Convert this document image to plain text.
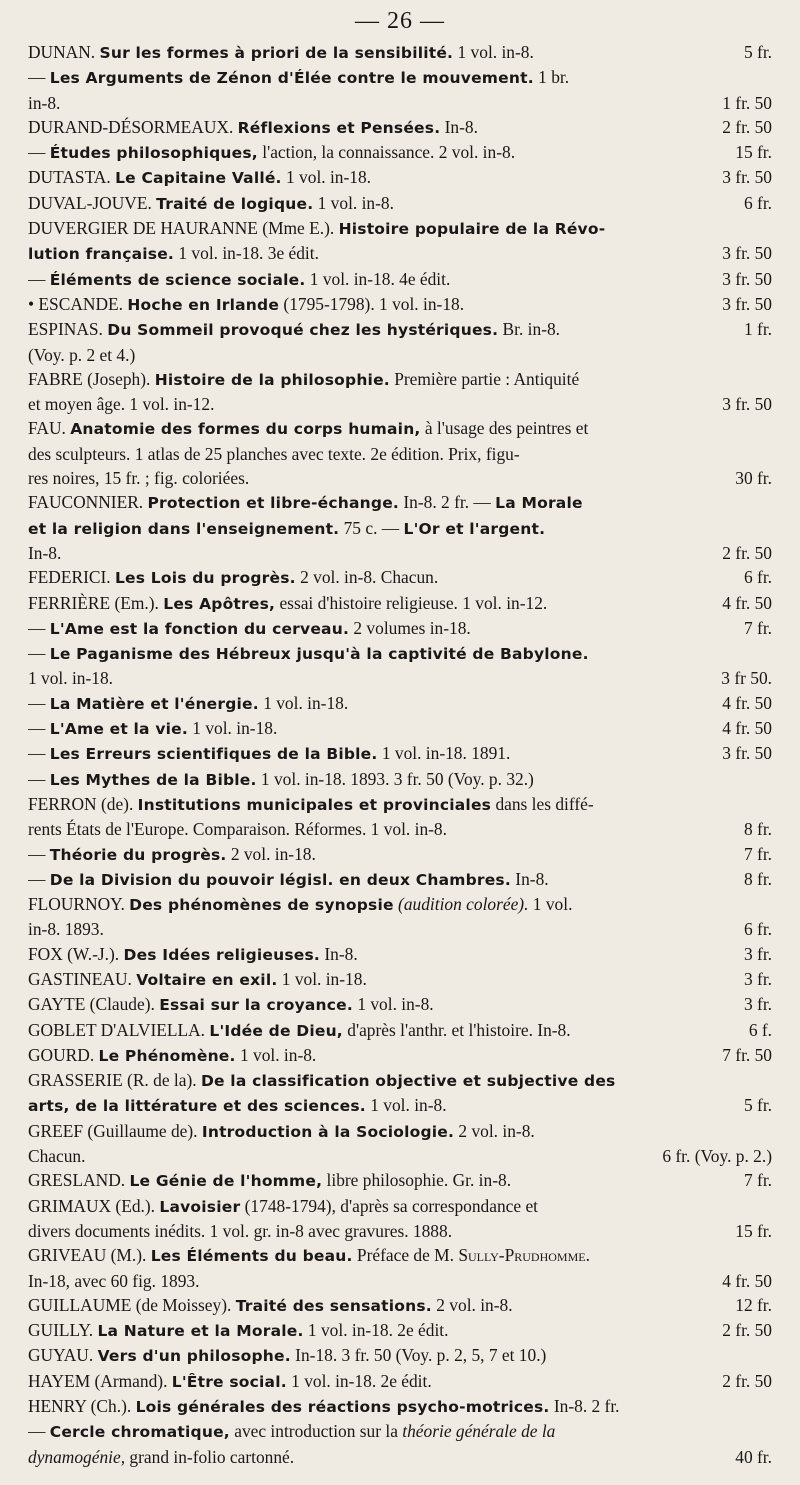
— 26 —
DUNAN. Sur les formes à priori de la sensibilité. 1 vol. in-8.	5 fr.
— Les Arguments de Zénon d'Élée contre le mouvement. 1 br.
in-8.	1 fr. 50
DURAND-DÉSORMEAUX. Réflexions et Pensées. In-8.	2 fr. 50
— Études philosophiques, l'action, la connaissance. 2 vol. in-8.	15 fr.
DUTASTA. Le Capitaine Vallé. 1 vol. in-18.	3 fr. 50
DUVAL-JOUVE. Traité de logique. 1 vol. in-8.	6 fr.
DUVERGIER DE HAURANNE (Mme E.). Histoire populaire de la Révo-
lution française. 1 vol. in-18. 3e édit.	3 fr. 50
— Éléments de science sociale. 1 vol. in-18. 4e édit.	3 fr. 50
• ESCANDE. Hoche en Irlande (1795-1798). 1 vol. in-18.	3 fr. 50
ESPINAS. Du Sommeil provoqué chez les hystériques. Br. in-8.	1 fr.
(Voy. p. 2 et 4.)
FABRE (Joseph). Histoire de la philosophie. Première partie : Antiquité
et moyen âge. 1 vol. in-12.	3 fr. 50
FAU. Anatomie des formes du corps humain, à l'usage des peintres et
des sculpteurs. 1 atlas de 25 planches avec texte. 2e édition. Prix, figu-
res noires, 15 fr. ; fig. coloriées.	30 fr.
FAUCONNIER. Protection et libre-échange. In-8. 2 fr. — La Morale
et la religion dans l'enseignement. 75 c. — L'Or et l'argent.
In-8.	2 fr. 50
FEDERICI. Les Lois du progrès. 2 vol. in-8. Chacun.	6 fr.
FERRIÈRE (Em.). Les Apôtres, essai d'histoire religieuse. 1 vol. in-12.	4 fr. 50
— L'Ame est la fonction du cerveau. 2 volumes in-18.	7 fr.
— Le Paganisme des Hébreux jusqu'à la captivité de Babylone.
1 vol. in-18.	3 fr 50.
— La Matière et l'énergie. 1 vol. in-18.	4 fr. 50
— L'Ame et la vie. 1 vol. in-18.	4 fr. 50
— Les Erreurs scientifiques de la Bible. 1 vol. in-18. 1891.	3 fr. 50
— Les Mythes de la Bible. 1 vol. in-18. 1893. 3 fr. 50 (Voy. p. 32.)
FERRON (de). Institutions municipales et provinciales dans les diffé-
rents États de l'Europe. Comparaison. Réformes. 1 vol. in-8.	8 fr.
— Théorie du progrès. 2 vol. in-18.	7 fr.
— De la Division du pouvoir législ. en deux Chambres. In-8.	8 fr.
FLOURNOY. Des phénomènes de synopsie (audition colorée). 1 vol.
in-8. 1893.	6 fr.
FOX (W.-J.). Des Idées religieuses. In-8.	3 fr.
GASTINEAU. Voltaire en exil. 1 vol. in-18.	3 fr.
GAYTE (Claude). Essai sur la croyance. 1 vol. in-8.	3 fr.
GOBLET D'ALVIELLA. L'Idée de Dieu, d'après l'anthr. et l'histoire. In-8.	6 f.
GOURD. Le Phénomène. 1 vol. in-8.	7 fr. 50
GRASSERIE (R. de la). De la classification objective et subjective des
arts, de la littérature et des sciences. 1 vol. in-8.	5 fr.
GREEF (Guillaume de). Introduction à la Sociologie. 2 vol. in-8.
Chacun.	6 fr. (Voy. p. 2.)
GRESLAND. Le Génie de l'homme, libre philosophie. Gr. in-8.	7 fr.
GRIMAUX (Ed.). Lavoisier (1748-1794), d'après sa correspondance et
divers documents inédits. 1 vol. gr. in-8 avec gravures. 1888.	15 fr.
GRIVEAU (M.). Les Éléments du beau. Préface de M. Sully-Prudhomme.
In-18, avec 60 fig. 1893.	4 fr. 50
GUILLAUME (de Moissey). Traité des sensations. 2 vol. in-8.	12 fr.
GUILLY. La Nature et la Morale. 1 vol. in-18. 2e édit.	2 fr. 50
GUYAU. Vers d'un philosophe. In-18. 3 fr. 50 (Voy. p. 2, 5, 7 et 10.)
HAYEM (Armand). L'Être social. 1 vol. in-18. 2e édit.	2 fr. 50
HENRY (Ch.). Lois générales des réactions psycho-motrices. In-8. 2 fr.
— Cercle chromatique, avec introduction sur la théorie générale de la
dynamogénie, grand in-folio cartonné.	40 fr.
